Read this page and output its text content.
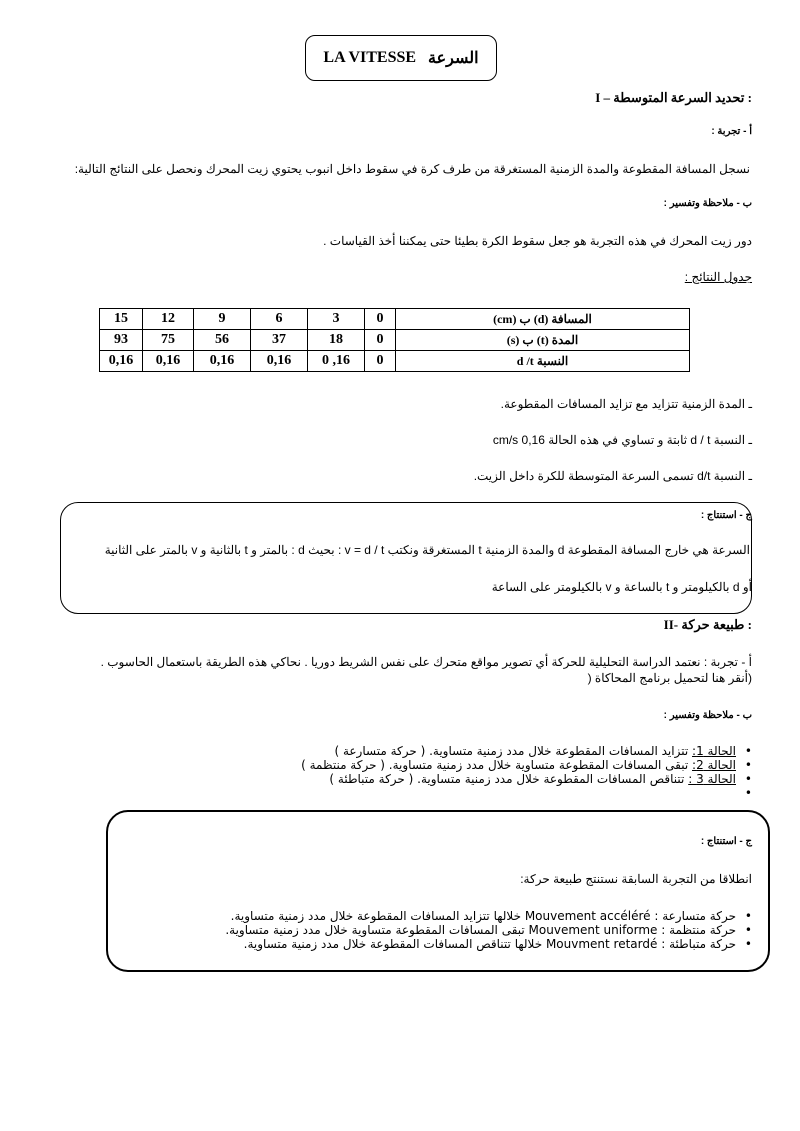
LA VITESSE السرعة
I – تحديد السرعة المتوسطة :
أ - تجربة :
نسجل المسافة المقطوعة والمدة الزمنية المستغرقة من طرف كرة في سقوط داخل انبوب يحتوي زيت المحرك ونحصل على النتائج التالية:
ب - ملاحظة وتفسير :
دور زيت المحرك في هذه التجربة هو جعل سقوط الكرة بطيئا حتى يمكننا أخذ القياسات .
جدول النتائج :
15	12	9	6	3	0	المسافة (d) ب (cm)
93	75	56	37	18	0	المدة (t) ب (s)
0,16	0,16	0,16	0,16	0 ,16	0	النسبة d /t
ـ المدة الزمنية تتزايد مع تزايد المسافات المقطوعة.
ـ النسبة d / t ثابتة و تساوي في هذه الحالة 0,16 cm/s
ـ النسبة d/t تسمى السرعة المتوسطة للكرة داخل الزيت.
ج - استنتاج :
السرعة هي خارج المسافة المقطوعة d والمدة الزمنية t المستغرقة ونكتب v = d / t : بحيث d : بالمتر و t بالثانية و v بالمتر على الثانية
أو d بالكيلومتر و t بالساعة و v بالكيلومتر على الساعة
II- طبيعة حركة :
أ - تجربة : نعتمد الدراسة التحليلية للحركة أي تصوير مواقع متحرك على نفس الشريط دوريا . نحاكي هذه الطريقة باستعمال الحاسوب .
(أنقر هنا لتحميل برنامج المحاكاة (
ب - ملاحظة وتفسير :
• الحالة 1: تتزايد المسافات المقطوعة خلال مدد زمنية متساوية. ( حركة متسارعة )
• الحالة 2: تبقى المسافات المقطوعة متساوية خلال مدد زمنية متساوية. ( حركة منتظمة )
• الحالة 3 : تتناقص المسافات المقطوعة خلال مدد زمنية متساوية. ( حركة متباطئة )
•
ج - استنتاج :
انطلاقا من التجربة السابقة نستنتج طبيعة حركة:
• حركة متسارعة : Mouvement accéléré خلالها تتزايد المسافات المقطوعة خلال مدد زمنية متساوية.
• حركة منتظمة : Mouvement uniforme تبقى المسافات المقطوعة متساوية خلال مدد زمنية متساوية.
• حركة متباطئة : Mouvment retardé خلالها تتناقص المسافات المقطوعة خلال مدد زمنية متساوية.
